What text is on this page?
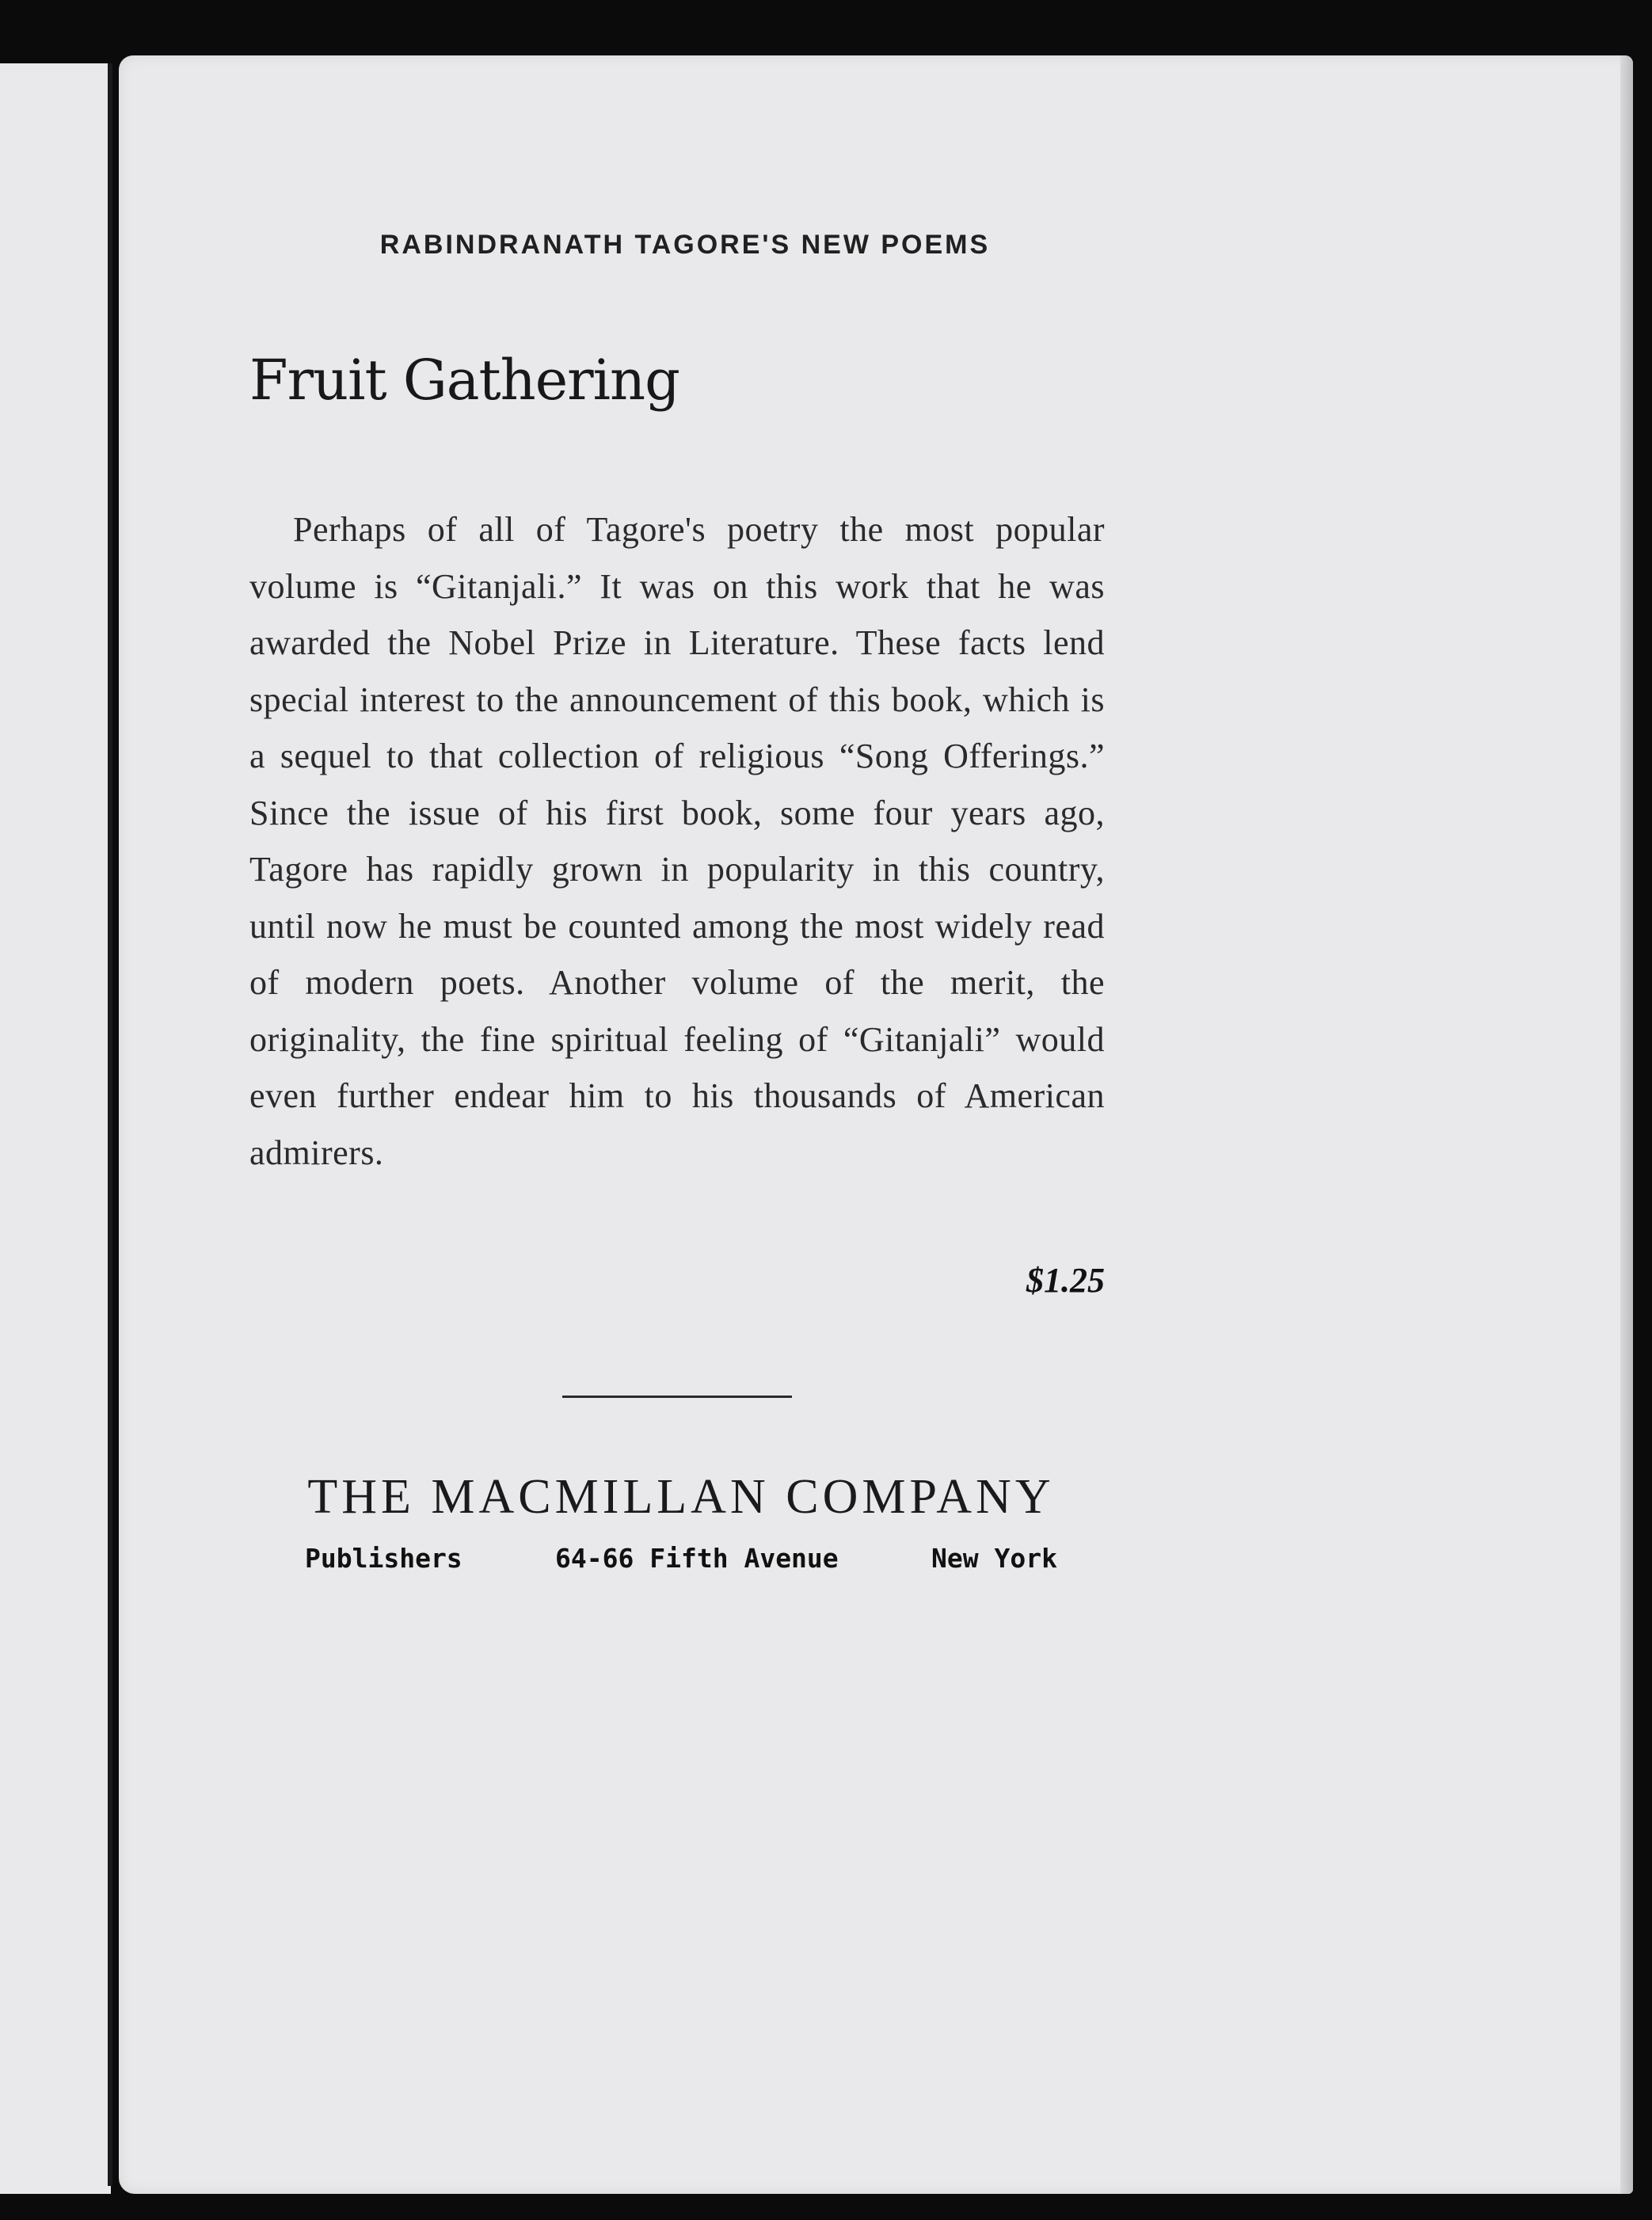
RABINDRANATH TAGORE'S NEW POEMS

Fruit Gathering

Perhaps of all of Tagore's poetry the most popular volume is “Gitanjali.” It was on this work that he was awarded the Nobel Prize in Literature. These facts lend special interest to the announcement of this book, which is a sequel to that collection of religious “Song Offerings.” Since the issue of his first book, some four years ago, Tagore has rapidly grown in popularity in this country, until now he must be counted among the most widely read of modern poets. Another volume of the merit, the originality, the fine spiritual feeling of “Gitanjali” would even further endear him to his thousands of American admirers.

$1.25
THE MACMILLAN COMPANY
Publishers	64-66 Fifth Avenue	New York
